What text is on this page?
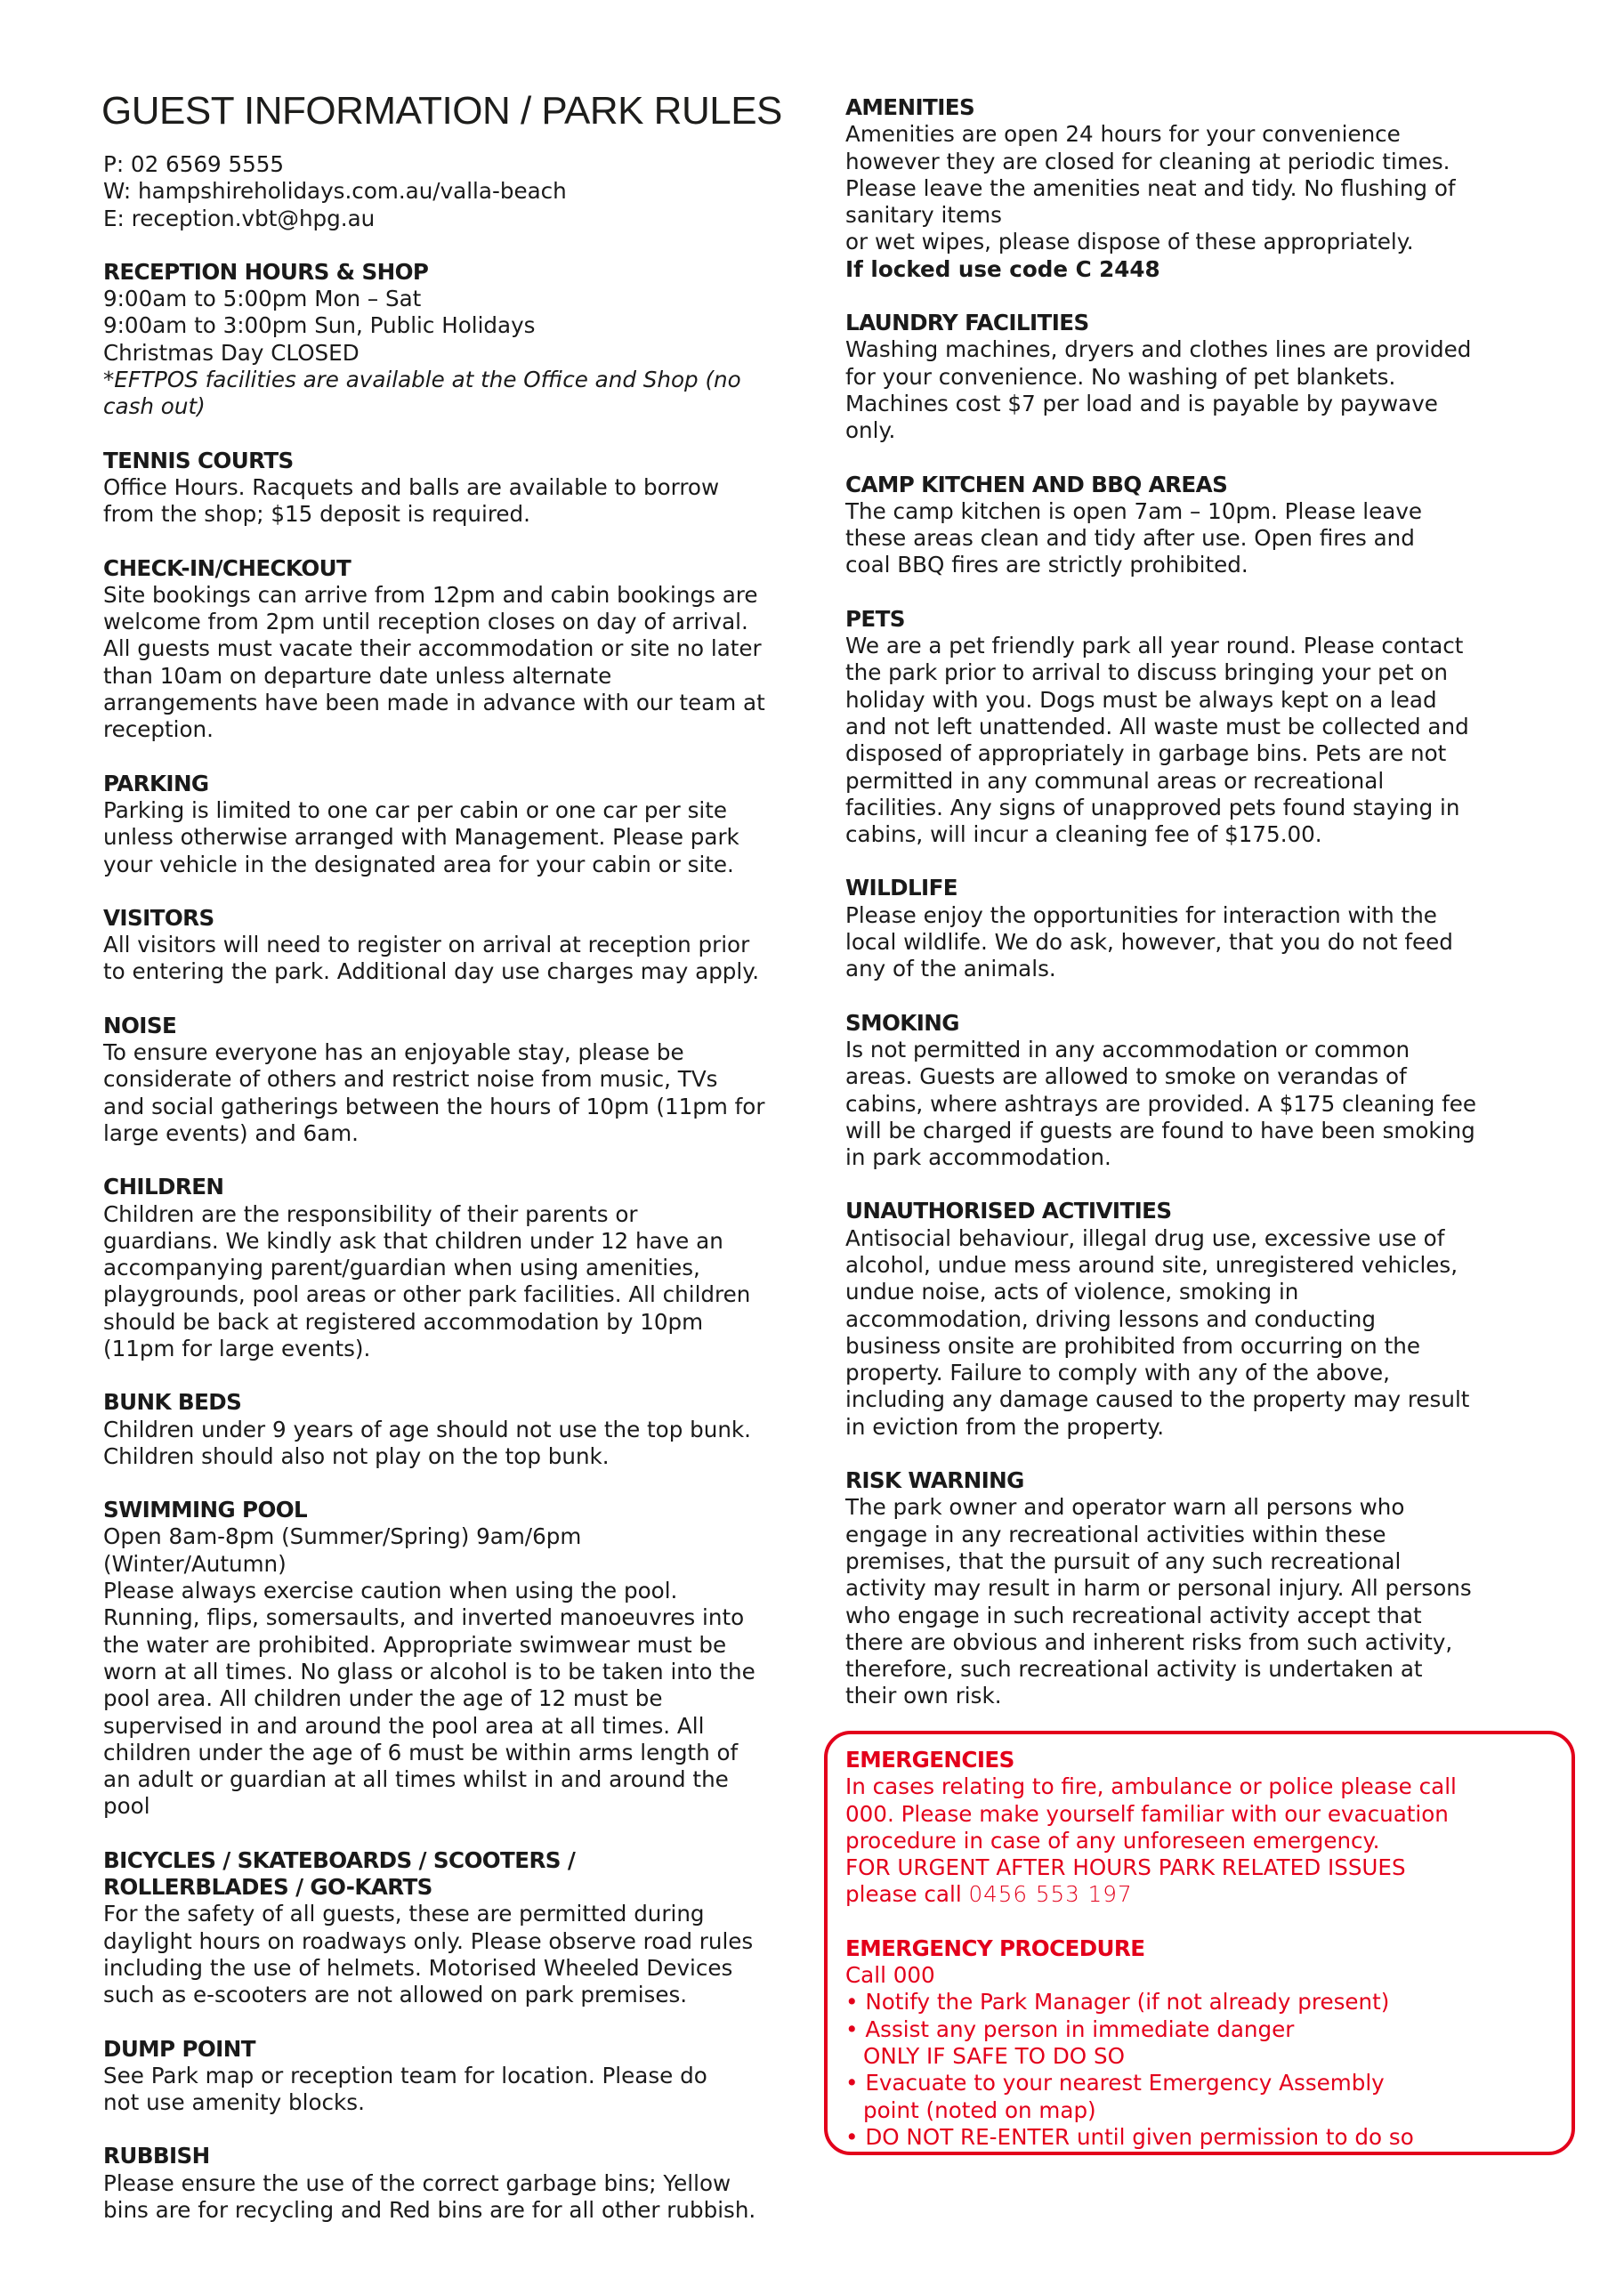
GUEST INFORMATION / PARK RULES
P: 02 6569 5555
W: hampshireholidays.com.au/valla-beach
E: reception.vbt@hpg.au
RECEPTION HOURS & SHOP
9:00am to 5:00pm Mon – Sat
9:00am to 3:00pm Sun, Public Holidays
Christmas Day CLOSED
*EFTPOS facilities are available at the Office and Shop (no
cash out)
TENNIS COURTS
Office Hours. Racquets and balls are available to borrow
from the shop; $15 deposit is required.
CHECK-IN/CHECKOUT
Site bookings can arrive from 12pm and cabin bookings are
welcome from 2pm until reception closes on day of arrival.
All guests must vacate their accommodation or site no later
than 10am on departure date unless alternate
arrangements have been made in advance with our team at
reception.
PARKING
Parking is limited to one car per cabin or one car per site
unless otherwise arranged with Management. Please park
your vehicle in the designated area for your cabin or site.
VISITORS
All visitors will need to register on arrival at reception prior
to entering the park. Additional day use charges may apply.
NOISE
To ensure everyone has an enjoyable stay, please be
considerate of others and restrict noise from music, TVs
and social gatherings between the hours of 10pm (11pm for
large events) and 6am.
CHILDREN
Children are the responsibility of their parents or
guardians. We kindly ask that children under 12 have an
accompanying parent/guardian when using amenities,
playgrounds, pool areas or other park facilities. All children
should be back at registered accommodation by 10pm
(11pm for large events).
BUNK BEDS
Children under 9 years of age should not use the top bunk.
Children should also not play on the top bunk.
SWIMMING POOL
Open 8am-8pm (Summer/Spring) 9am/6pm
(Winter/Autumn)
Please always exercise caution when using the pool.
Running, flips, somersaults, and inverted manoeuvres into
the water are prohibited. Appropriate swimwear must be
worn at all times. No glass or alcohol is to be taken into the
pool area. All children under the age of 12 must be
supervised in and around the pool area at all times. All
children under the age of 6 must be within arms length of
an adult or guardian at all times whilst in and around the
pool
BICYCLES / SKATEBOARDS / SCOOTERS /
ROLLERBLADES / GO-KARTS
For the safety of all guests, these are permitted during
daylight hours on roadways only. Please observe road rules
including the use of helmets. Motorised Wheeled Devices
such as e-scooters are not allowed on park premises.
DUMP POINT
See Park map or reception team for location. Please do
not use amenity blocks.
RUBBISH
Please ensure the use of the correct garbage bins; Yellow
bins are for recycling and Red bins are for all other rubbish.
AMENITIES
Amenities are open 24 hours for your convenience
however they are closed for cleaning at periodic times.
Please leave the amenities neat and tidy. No flushing of
sanitary items
or wet wipes, please dispose of these appropriately.
If locked use code C 2448
LAUNDRY FACILITIES
Washing machines, dryers and clothes lines are provided
for your convenience. No washing of pet blankets.
Machines cost $7 per load and is payable by paywave
only.
CAMP KITCHEN AND BBQ AREAS
The camp kitchen is open 7am – 10pm. Please leave
these areas clean and tidy after use. Open fires and
coal BBQ fires are strictly prohibited.
PETS
We are a pet friendly park all year round. Please contact
the park prior to arrival to discuss bringing your pet on
holiday with you. Dogs must be always kept on a lead
and not left unattended. All waste must be collected and
disposed of appropriately in garbage bins. Pets are not
permitted in any communal areas or recreational
facilities. Any signs of unapproved pets found staying in
cabins, will incur a cleaning fee of $175.00.
WILDLIFE
Please enjoy the opportunities for interaction with the
local wildlife. We do ask, however, that you do not feed
any of the animals.
SMOKING
Is not permitted in any accommodation or common
areas. Guests are allowed to smoke on verandas of
cabins, where ashtrays are provided. A $175 cleaning fee
will be charged if guests are found to have been smoking
in park accommodation.
UNAUTHORISED ACTIVITIES
Antisocial behaviour, illegal drug use, excessive use of
alcohol, undue mess around site, unregistered vehicles,
undue noise, acts of violence, smoking in
accommodation, driving lessons and conducting
business onsite are prohibited from occurring on the
property. Failure to comply with any of the above,
including any damage caused to the property may result
in eviction from the property.
RISK WARNING
The park owner and operator warn all persons who
engage in any recreational activities within these
premises, that the pursuit of any such recreational
activity may result in harm or personal injury. All persons
who engage in such recreational activity accept that
there are obvious and inherent risks from such activity,
therefore, such recreational activity is undertaken at
their own risk.
EMERGENCIES
In cases relating to fire, ambulance or police please call
000. Please make yourself familiar with our evacuation
procedure in case of any unforeseen emergency.
FOR URGENT AFTER HOURS PARK RELATED ISSUES
please call 0456 553 197
EMERGENCY PROCEDURE
Call 000
• Notify the Park Manager (if not already present)
• Assist any person in immediate danger
ONLY IF SAFE TO DO SO
• Evacuate to your nearest Emergency Assembly
point (noted on map)
• DO NOT RE-ENTER until given permission to do so
